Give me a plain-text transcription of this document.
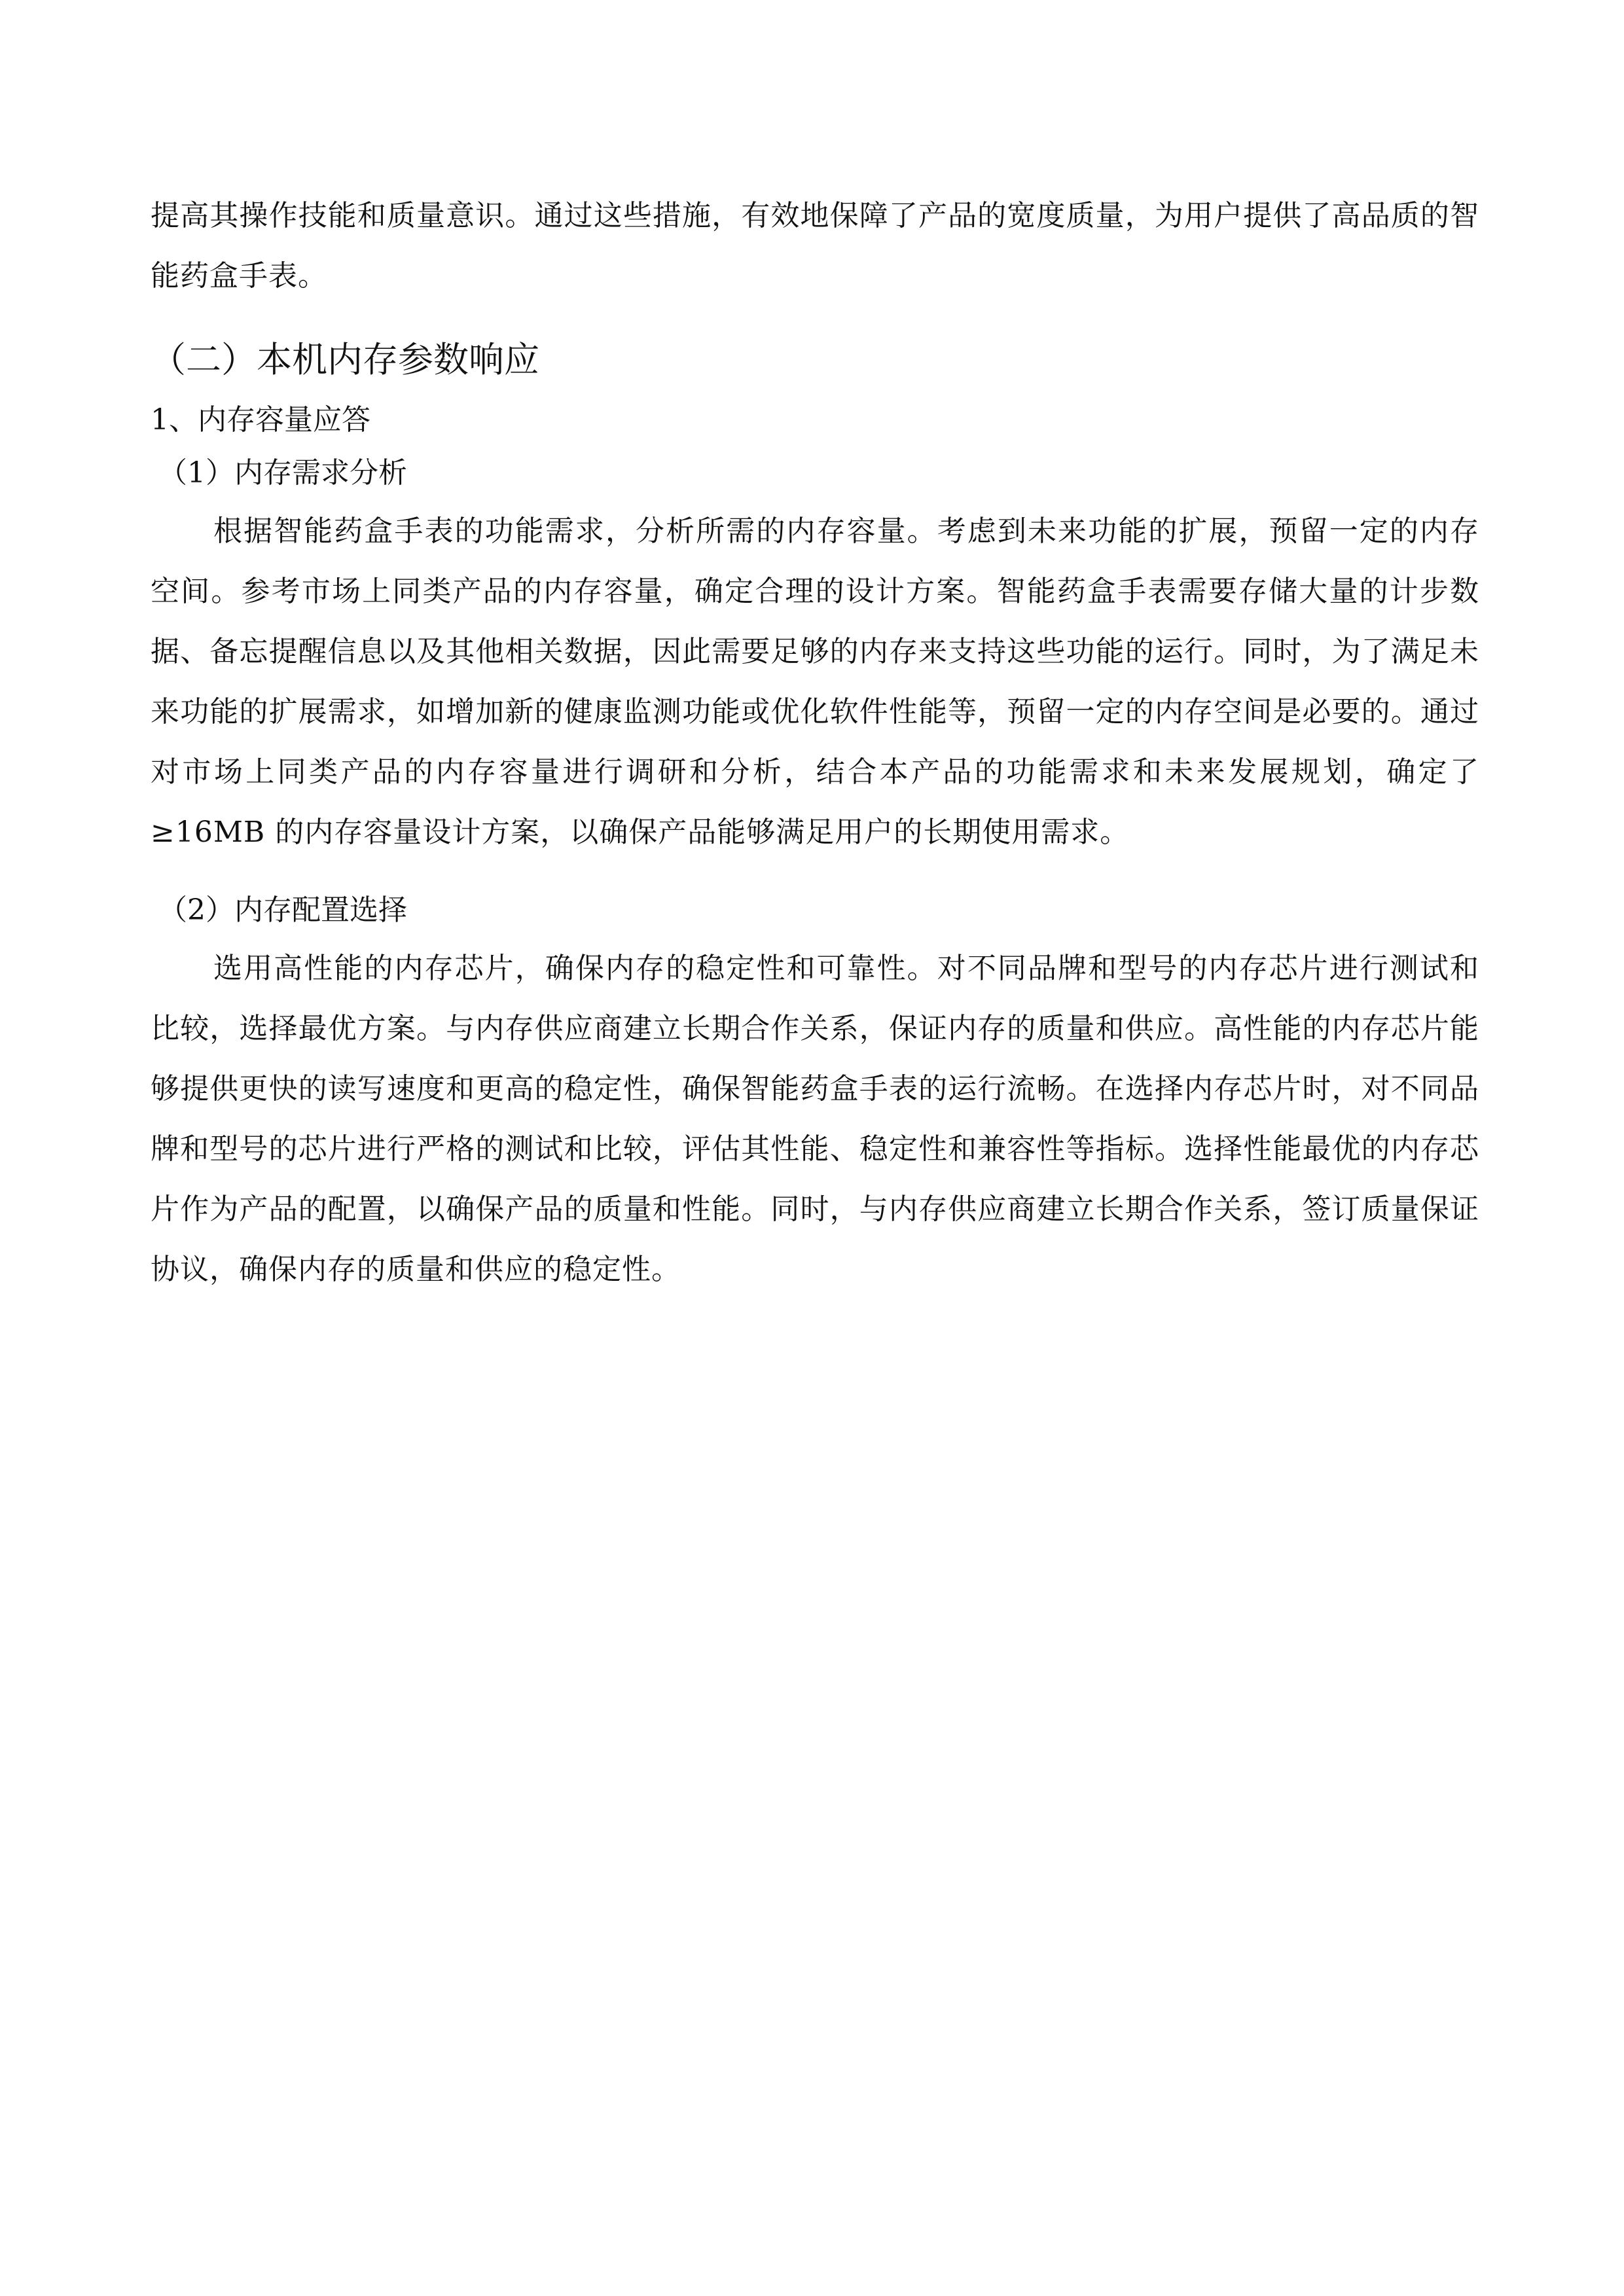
提高其操作技能和质量意识。通过这些措施，有效地保障了产品的宽度质量，为用户提供了高品质的智能药盒手表。

（二）本机内存参数响应
1、内存容量应答
（1）内存需求分析

根据智能药盒手表的功能需求，分析所需的内存容量。考虑到未来功能的扩展，预留一定的内存空间。参考市场上同类产品的内存容量，确定合理的设计方案。智能药盒手表需要存储大量的计步数据、备忘提醒信息以及其他相关数据，因此需要足够的内存来支持这些功能的运行。同时，为了满足未来功能的扩展需求，如增加新的健康监测功能或优化软件性能等，预留一定的内存空间是必要的。通过对市场上同类产品的内存容量进行调研和分析，结合本产品的功能需求和未来发展规划，确定了≥16MB 的内存容量设计方案，以确保产品能够满足用户的长期使用需求。

（2）内存配置选择

选用高性能的内存芯片，确保内存的稳定性和可靠性。对不同品牌和型号的内存芯片进行测试和比较，选择最优方案。与内存供应商建立长期合作关系，保证内存的质量和供应。高性能的内存芯片能够提供更快的读写速度和更高的稳定性，确保智能药盒手表的运行流畅。在选择内存芯片时，对不同品牌和型号的芯片进行严格的测试和比较，评估其性能、稳定性和兼容性等指标。选择性能最优的内存芯片作为产品的配置，以确保产品的质量和性能。同时，与内存供应商建立长期合作关系，签订质量保证协议，确保内存的质量和供应的稳定性。
